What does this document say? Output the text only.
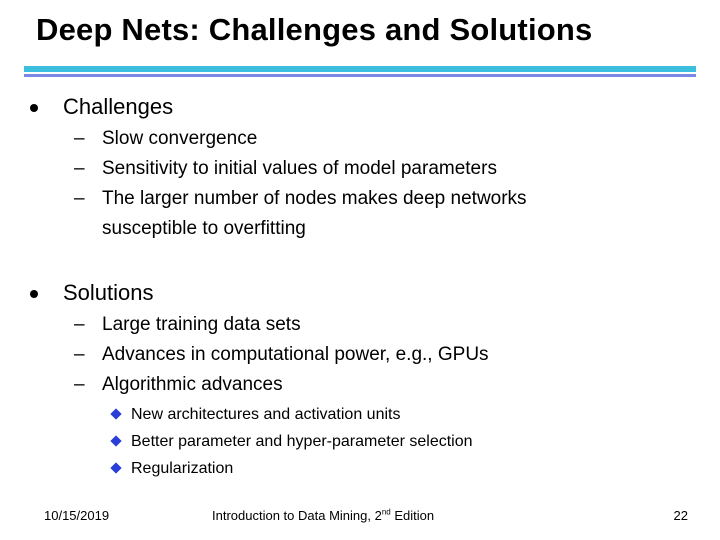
Deep Nets: Challenges and Solutions
Challenges
– Slow convergence
– Sensitivity to initial values of model parameters
– The larger number of nodes makes deep networks
susceptible to overfitting
Solutions
– Large training data sets
– Advances in computational power, e.g., GPUs
– Algorithmic advances
New architectures and activation units
Better parameter and hyper-parameter selection
Regularization
10/15/2019	Introduction to Data Mining, 2nd Edition	22
